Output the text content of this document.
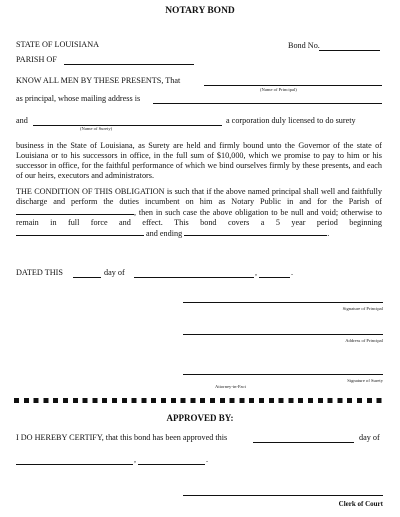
NOTARY BOND
STATE OF LOUISIANA	Bond No.
PARISH OF
KNOW ALL MEN BY THESE PRESENTS, That
(Name of Principal)
as principal, whose mailing address is
and
(Name of Surety)
a corporation duly licensed to do surety
business in the State of Louisiana, as Surety are held and firmly bound unto the Governor of the state of Louisiana or to his successors in office, in the full sum of $10,000, which we promise to pay to him or his successor in office, for the faithful performance of which we bind ourselves firmly by these presents, and each of our heirs, executors and administrators.
THE CONDITION OF THIS OBLIGATION is such that if the above named principal shall well and faithfully discharge and perform the duties incumbent on him as Notary Public in and for the Parish of , then in such case the above obligation to be null and void; otherwise to remain in full force and effect. This bond covers a 5 year period beginning  and ending	.
DATED THIS	day of	,	.
Signature of Principal
Address of Principal
Signature of Surety
Attorney-in-Fact
APPROVED BY:
I DO HEREBY CERTIFY, that this bond has been approved this	day of
,	.
Clerk of Court
